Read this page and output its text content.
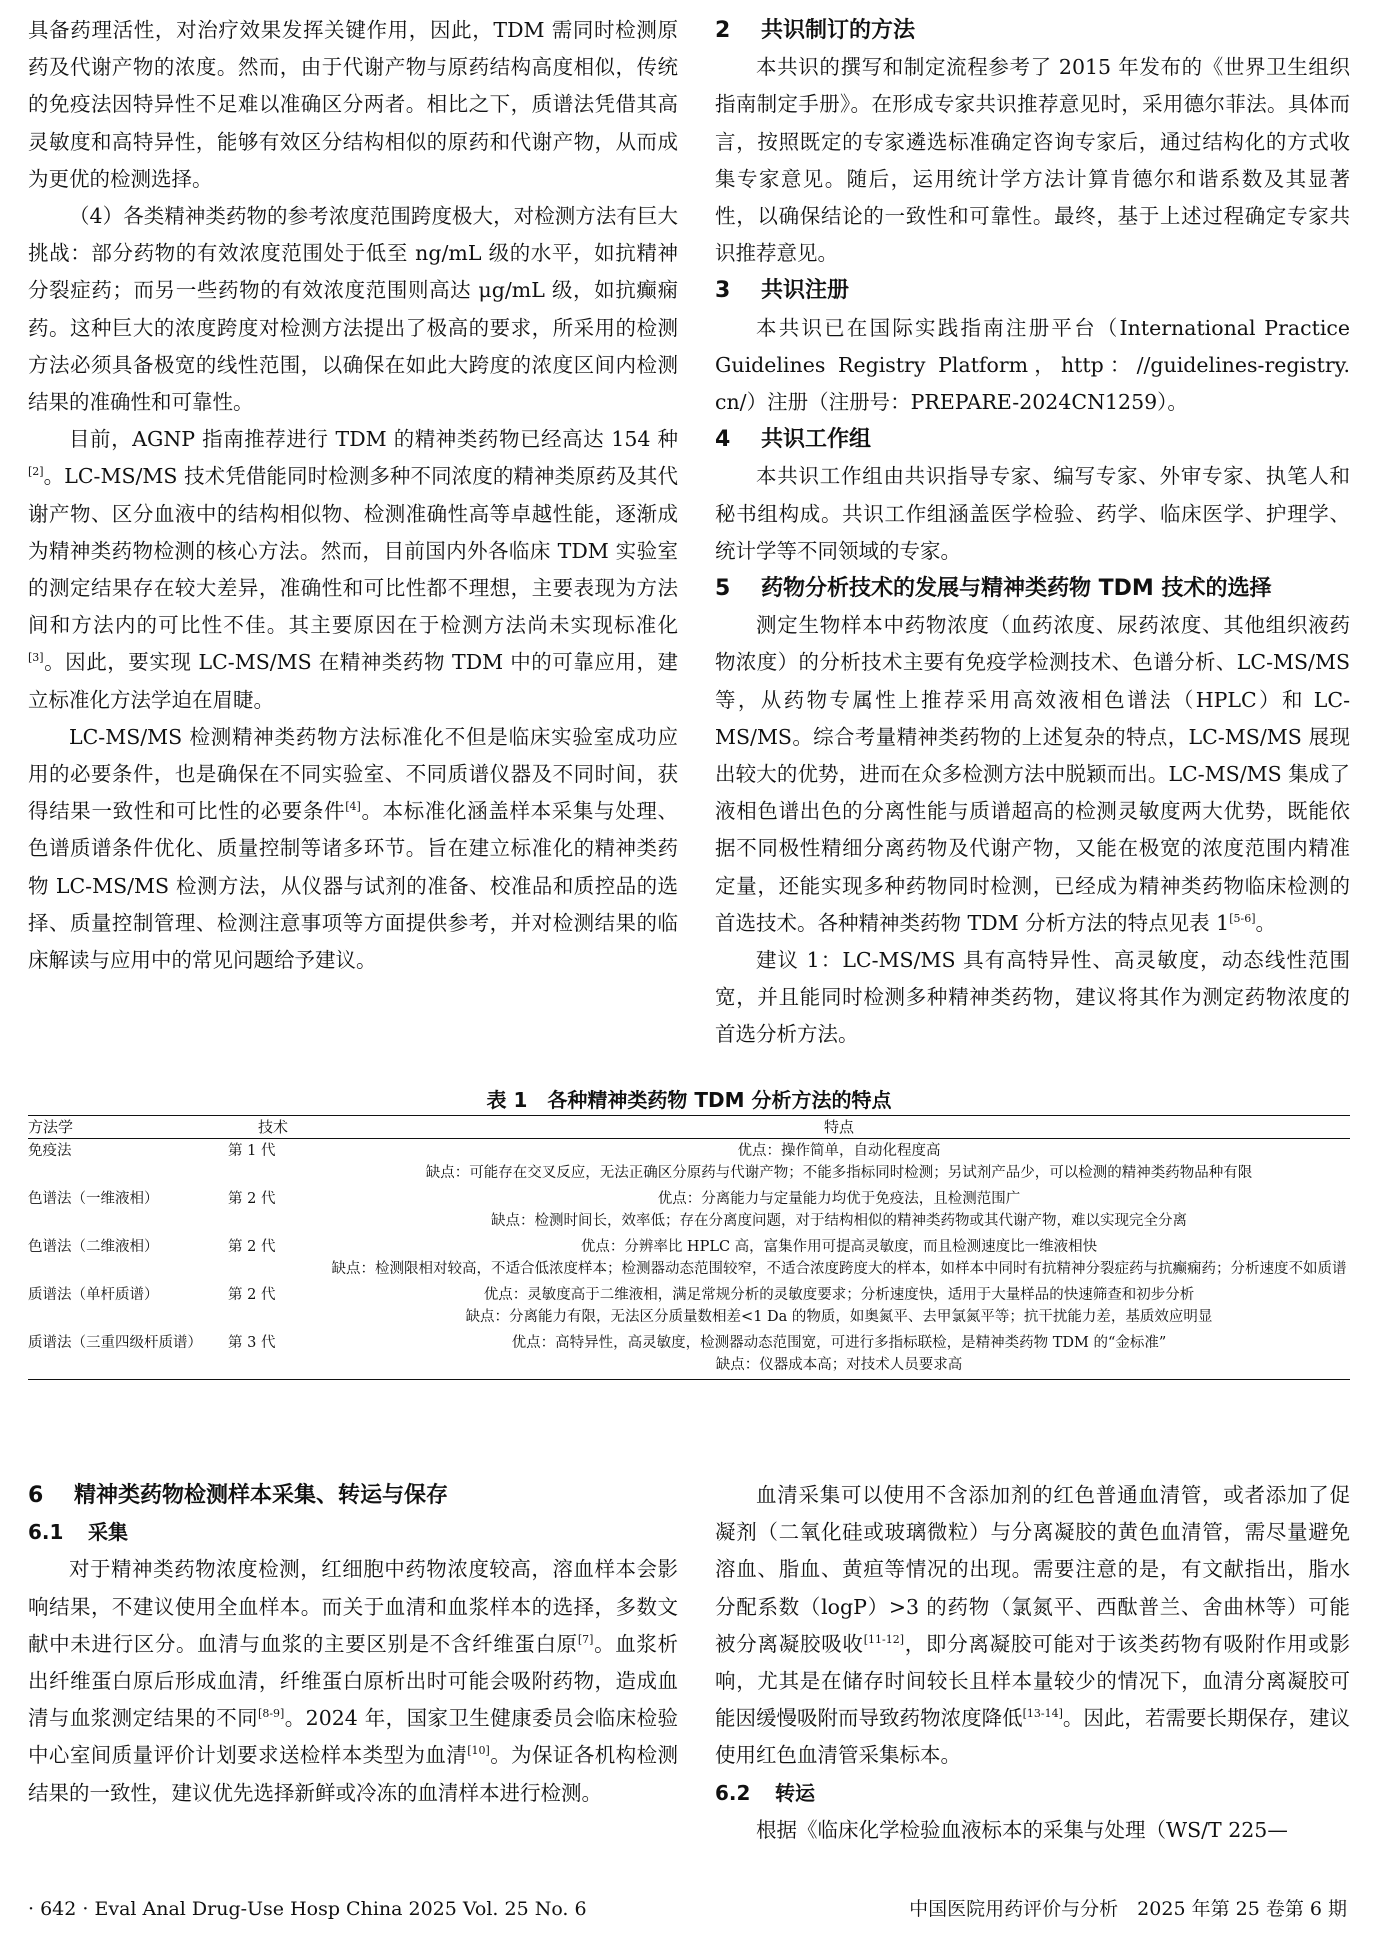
具备药理活性，对治疗效果发挥关键作用，因此，TDM 需同时检测原药及代谢产物的浓度。然而，由于代谢产物与原药结构高度相似，传统的免疫法因特异性不足难以准确区分两者。相比之下，质谱法凭借其高灵敏度和高特异性，能够有效区分结构相似的原药和代谢产物，从而成为更优的检测选择。

（4）各类精神类药物的参考浓度范围跨度极大，对检测方法有巨大挑战：部分药物的有效浓度范围处于低至 ng/mL 级的水平，如抗精神分裂症药；而另一些药物的有效浓度范围则高达 μg/mL 级，如抗癫痫药。这种巨大的浓度跨度对检测方法提出了极高的要求，所采用的检测方法必须具备极宽的线性范围，以确保在如此大跨度的浓度区间内检测结果的准确性和可靠性。

目前，AGNP 指南推荐进行 TDM 的精神类药物已经高达 154 种[2]。LC-MS/MS 技术凭借能同时检测多种不同浓度的精神类原药及其代谢产物、区分血液中的结构相似物、检测准确性高等卓越性能，逐渐成为精神类药物检测的核心方法。然而，目前国内外各临床 TDM 实验室的测定结果存在较大差异，准确性和可比性都不理想，主要表现为方法间和方法内的可比性不佳。其主要原因在于检测方法尚未实现标准化[3]。因此，要实现 LC-MS/MS 在精神类药物 TDM 中的可靠应用，建立标准化方法学迫在眉睫。

LC-MS/MS 检测精神类药物方法标准化不但是临床实验室成功应用的必要条件，也是确保在不同实验室、不同质谱仪器及不同时间，获得结果一致性和可比性的必要条件[4]。本标准化涵盖样本采集与处理、色谱质谱条件优化、质量控制等诸多环节。旨在建立标准化的精神类药物 LC-MS/MS 检测方法，从仪器与试剂的准备、校准品和质控品的选择、质量控制管理、检测注意事项等方面提供参考，并对检测结果的临床解读与应用中的常见问题给予建议。

2 共识制订的方法

本共识的撰写和制定流程参考了 2015 年发布的《世界卫生组织指南制定手册》。在形成专家共识推荐意见时，采用德尔菲法。具体而言，按照既定的专家遴选标准确定咨询专家后，通过结构化的方式收集专家意见。随后，运用统计学方法计算肯德尔和谐系数及其显著性，以确保结论的一致性和可靠性。最终，基于上述过程确定专家共识推荐意见。

3 共识注册

本共识已在国际实践指南注册平台（International Practice Guidelines Registry Platform，http：//guidelines-registry. cn/）注册（注册号：PREPARE-2024CN1259）。

4 共识工作组

本共识工作组由共识指导专家、编写专家、外审专家、执笔人和秘书组构成。共识工作组涵盖医学检验、药学、临床医学、护理学、统计学等不同领域的专家。

5 药物分析技术的发展与精神类药物 TDM 技术的选择

测定生物样本中药物浓度（血药浓度、尿药浓度、其他组织液药物浓度）的分析技术主要有免疫学检测技术、色谱分析、LC-MS/MS 等，从药物专属性上推荐采用高效液相色谱法（HPLC）和 LC-MS/MS。综合考量精神类药物的上述复杂的特点，LC-MS/MS 展现出较大的优势，进而在众多检测方法中脱颖而出。LC-MS/MS 集成了液相色谱出色的分离性能与质谱超高的检测灵敏度两大优势，既能依据不同极性精细分离药物及代谢产物，又能在极宽的浓度范围内精准定量，还能实现多种药物同时检测，已经成为精神类药物临床检测的首选技术。各种精神类药物 TDM 分析方法的特点见表 1[5-6]。

建议 1：LC-MS/MS 具有高特异性、高灵敏度，动态线性范围宽，并且能同时检测多种精神类药物，建议将其作为测定药物浓度的首选分析方法。

表 1　各种精神类药物 TDM 分析方法的特点
方法学	技术	特点
免疫法	第 1 代	优点：操作简单，自动化程度高
缺点：可能存在交叉反应，无法正确区分原药与代谢产物；不能多指标同时检测；另试剂产品少，可以检测的精神类药物品种有限
色谱法（一维液相）	第 2 代	优点：分离能力与定量能力均优于免疫法，且检测范围广
缺点：检测时间长，效率低；存在分离度问题，对于结构相似的精神类药物或其代谢产物，难以实现完全分离
色谱法（二维液相）	第 2 代	优点：分辨率比 HPLC 高，富集作用可提高灵敏度，而且检测速度比一维液相快
缺点：检测限相对较高，不适合低浓度样本；检测器动态范围较窄，不适合浓度跨度大的样本，如样本中同时有抗精神分裂症药与抗癫痫药；分析速度不如质谱
质谱法（单杆质谱）	第 2 代	优点：灵敏度高于二维液相，满足常规分析的灵敏度要求；分析速度快，适用于大量样品的快速筛查和初步分析
缺点：分离能力有限，无法区分质量数相差<1 Da 的物质，如奥氮平、去甲氯氮平等；抗干扰能力差，基质效应明显
质谱法（三重四级杆质谱）	第 3 代	优点：高特异性，高灵敏度，检测器动态范围宽，可进行多指标联检，是精神类药物 TDM 的“金标准”
缺点：仪器成本高；对技术人员要求高

6 精神类药物检测样本采集、转运与保存

6.1 采集

对于精神类药物浓度检测，红细胞中药物浓度较高，溶血样本会影响结果，不建议使用全血样本。而关于血清和血浆样本的选择，多数文献中未进行区分。血清与血浆的主要区别是不含纤维蛋白原[7]。血浆析出纤维蛋白原后形成血清，纤维蛋白原析出时可能会吸附药物，造成血清与血浆测定结果的不同[8-9]。2024 年，国家卫生健康委员会临床检验中心室间质量评价计划要求送检样本类型为血清[10]。为保证各机构检测结果的一致性，建议优先选择新鲜或冷冻的血清样本进行检测。

血清采集可以使用不含添加剂的红色普通血清管，或者添加了促凝剂（二氧化硅或玻璃微粒）与分离凝胶的黄色血清管，需尽量避免溶血、脂血、黄疸等情况的出现。需要注意的是，有文献指出，脂水分配系数（logP）>3 的药物（氯氮平、西酞普兰、舍曲林等）可能被分离凝胶吸收[11-12]，即分离凝胶可能对于该类药物有吸附作用或影响，尤其是在储存时间较长且样本量较少的情况下，血清分离凝胶可能因缓慢吸附而导致药物浓度降低[13-14]。因此，若需要长期保存，建议使用红色血清管采集标本。

6.2 转运

根据《临床化学检验血液标本的采集与处理（WS/T 225—

· 642 · Eval Anal Drug-Use Hosp China 2025 Vol. 25 No. 6	中国医院用药评价与分析　2025 年第 25 卷第 6 期
